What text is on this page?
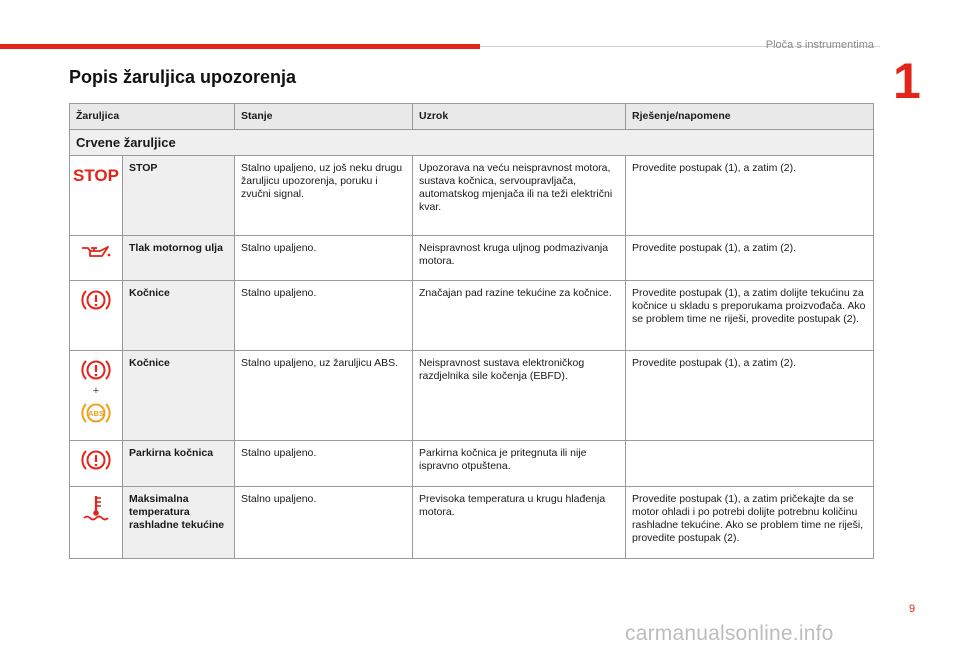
Ploča s instrumentima
1
Popis žaruljica upozorenja
Žaruljica		Stanje	Uzrok	Rješenje/napomene
Crvene žaruljice				

STOP	STOP	Stalno upaljeno, uz još neku drugu žaruljicu upozorenja, poruku i zvučni signal.	Upozorava na veću neispravnost motora, sustava kočnica, servoupravljača, automatskog mjenjača ili na teži električni kvar.	Provedite postupak (1), a zatim (2).

	Tlak motornog ulja	Stalno upaljeno.	Neispravnost kruga uljnog podmazivanja motora.	Provedite postupak (1), a zatim (2).

	Kočnice	Stalno upaljeno.	Značajan pad razine tekućine za kočnice.	Provedite postupak (1), a zatim dolijte tekućinu za kočnice u skladu s preporukama proizvođača. Ako se problem time ne riješi, provedite postupak (2).

+
ABS	Kočnice	Stalno upaljeno, uz žaruljicu ABS.	Neispravnost sustava elektroničkog razdjelnika sile kočenja (EBFD).	Provedite postupak (1), a zatim (2).

	Parkirna kočnica	Stalno upaljeno.	Parkirna kočnica je pritegnuta ili nije ispravno otpuštena.	

	Maksimalna temperatura rashladne tekućine	Stalno upaljeno.	Previsoka temperatura u krugu hlađenja motora.	Provedite postupak (1), a zatim pričekajte da se motor ohladi i po potrebi dolijte potrebnu količinu rashladne tekućine. Ako se problem time ne riješi, provedite postupak (2).
9
carmanualsonline.info
